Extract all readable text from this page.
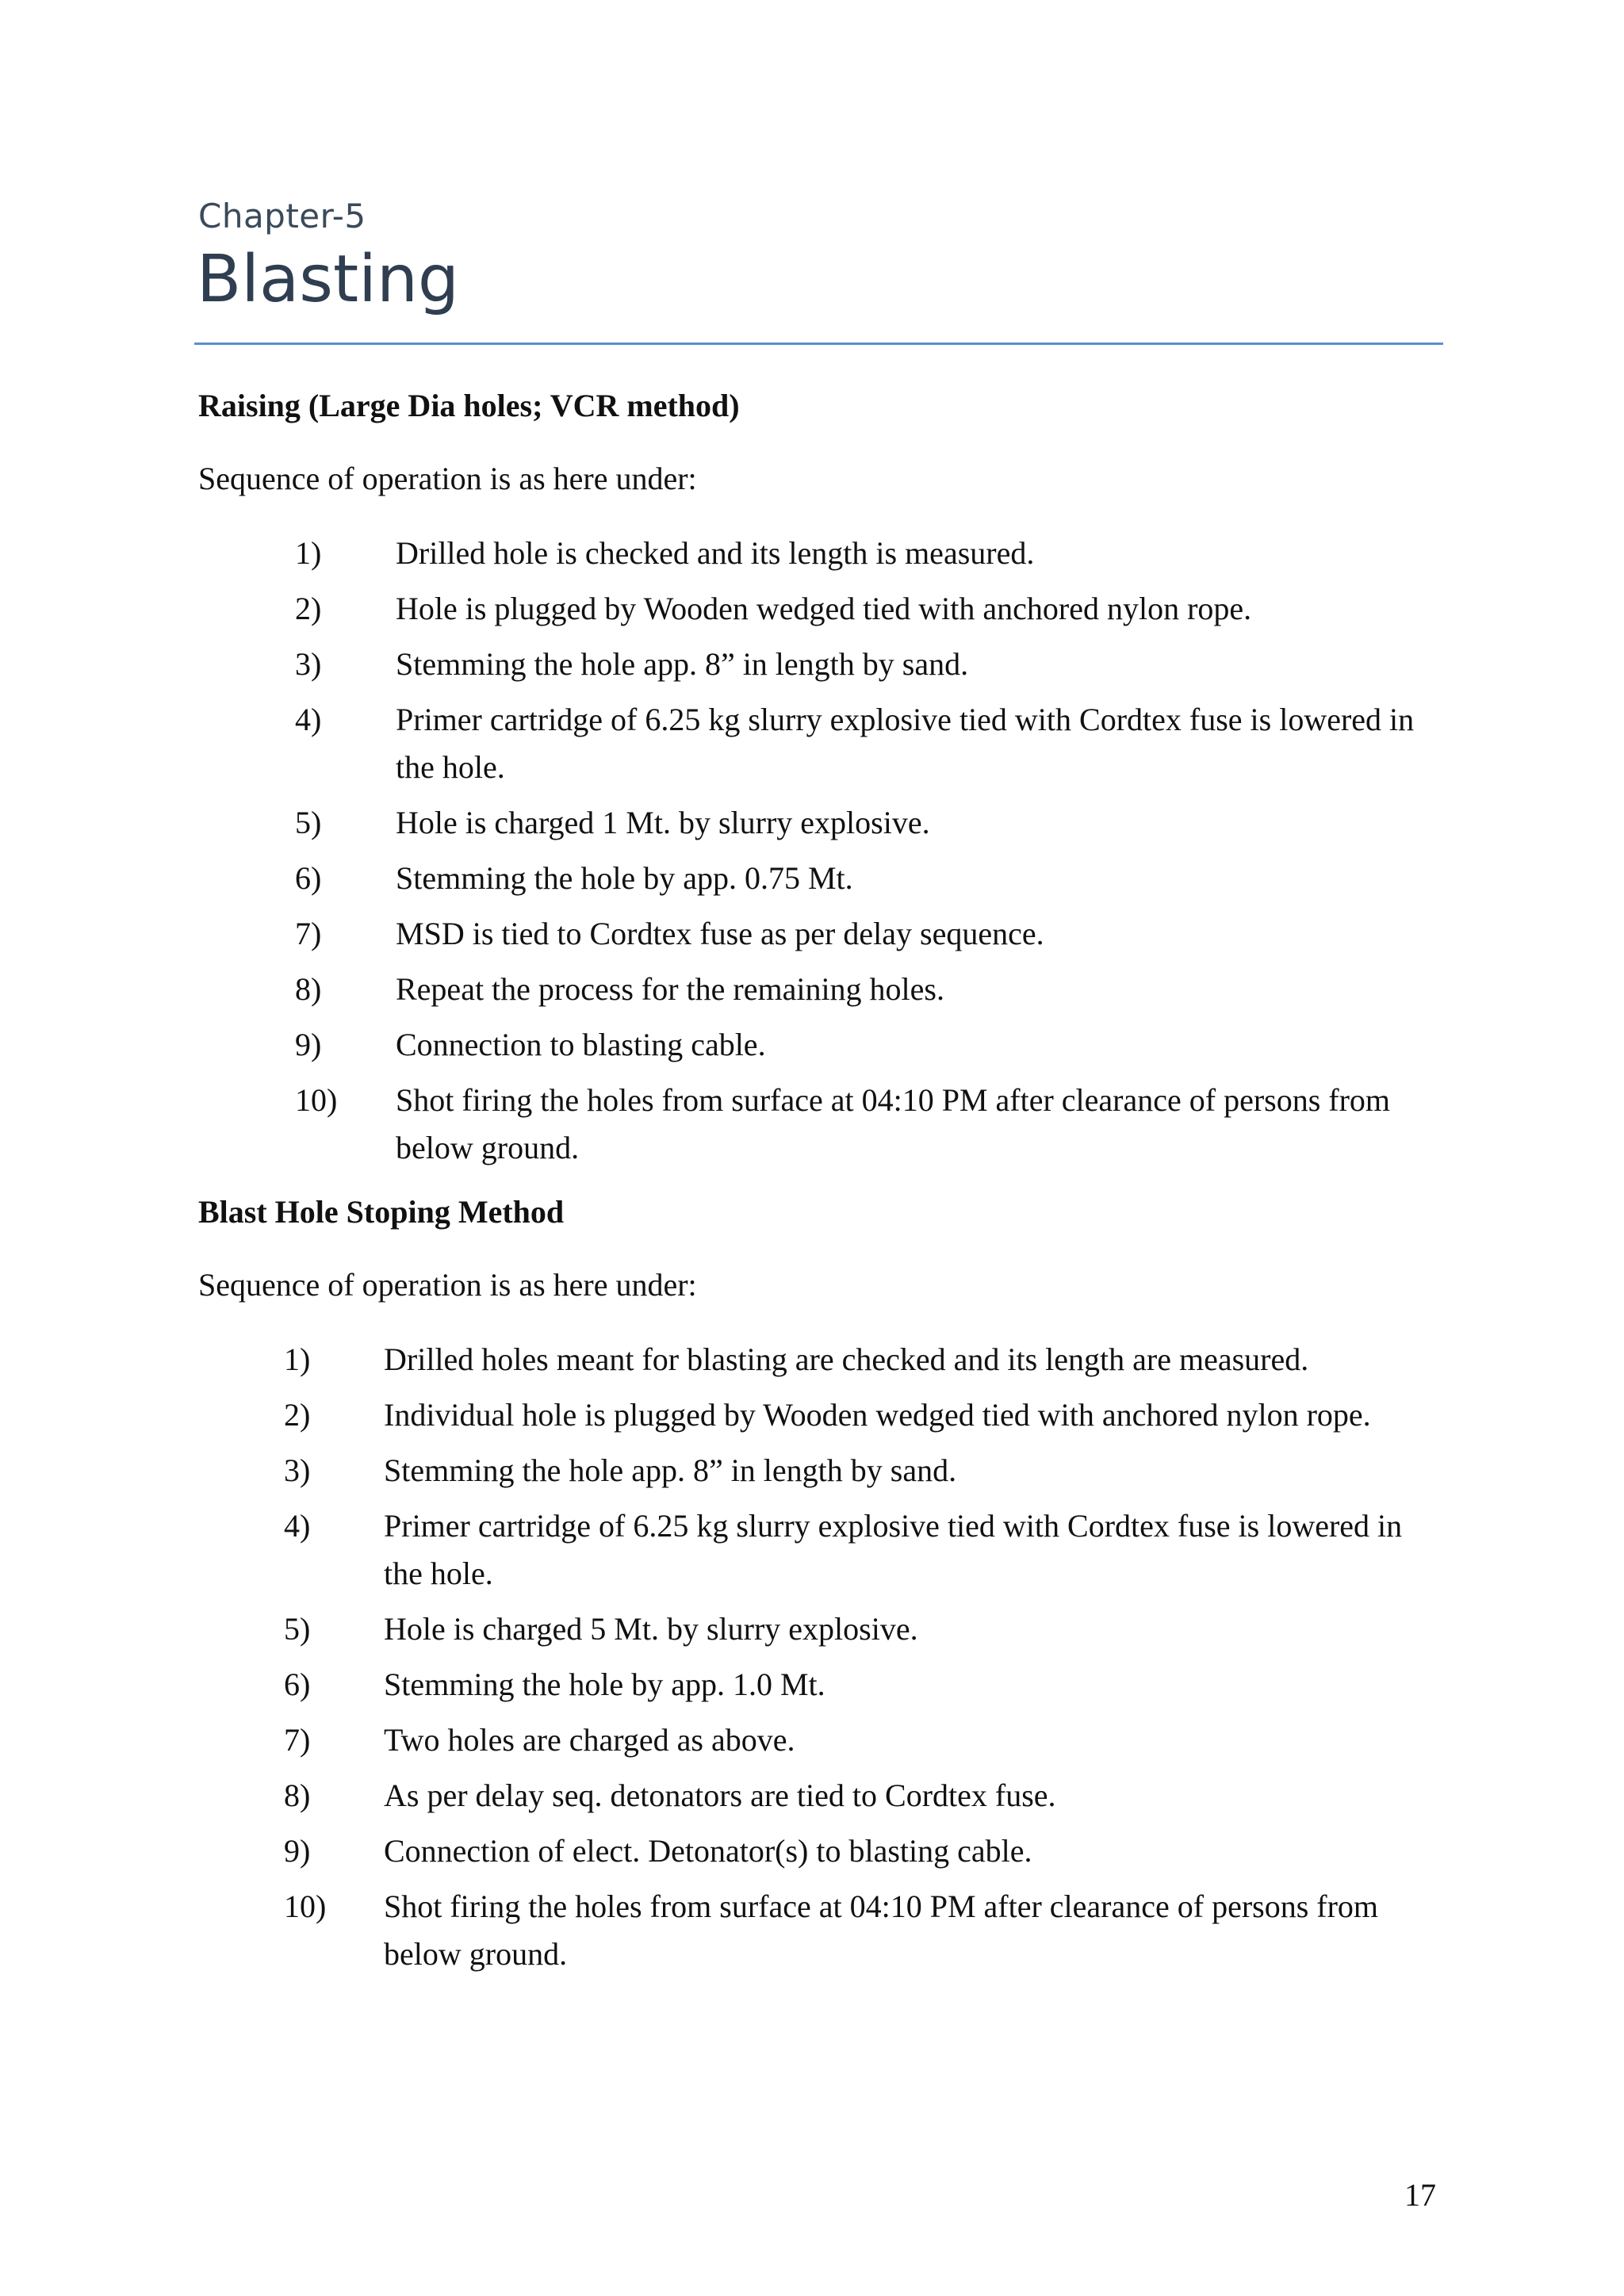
Chapter-5
Blasting
Raising (Large Dia holes; VCR method)
Sequence of operation is as here under:
1) Drilled hole is checked and its length is measured.
2) Hole is plugged by Wooden wedged tied with anchored nylon rope.
3) Stemming the hole app. 8” in length by sand.
4) Primer cartridge of 6.25 kg slurry explosive tied with Cordtex fuse is lowered in the hole.
5) Hole is charged 1 Mt. by slurry explosive.
6) Stemming the hole by app. 0.75 Mt.
7) MSD is tied to Cordtex fuse as per delay sequence.
8) Repeat the process for the remaining holes.
9) Connection to blasting cable.
10) Shot firing the holes from surface at 04:10 PM after clearance of persons from below ground.
Blast Hole Stoping Method
Sequence of operation is as here under:
1) Drilled holes meant for blasting are checked and its length are measured.
2) Individual hole is plugged by Wooden wedged tied with anchored nylon rope.
3) Stemming the hole app. 8” in length by sand.
4) Primer cartridge of 6.25 kg slurry explosive tied with Cordtex fuse is lowered in the hole.
5) Hole is charged 5 Mt. by slurry explosive.
6) Stemming the hole by app. 1.0 Mt.
7) Two holes are charged as above.
8) As per delay seq. detonators are tied to Cordtex fuse.
9) Connection of elect. Detonator(s) to blasting cable.
10) Shot firing the holes from surface at 04:10 PM after clearance of persons from below ground.
17
